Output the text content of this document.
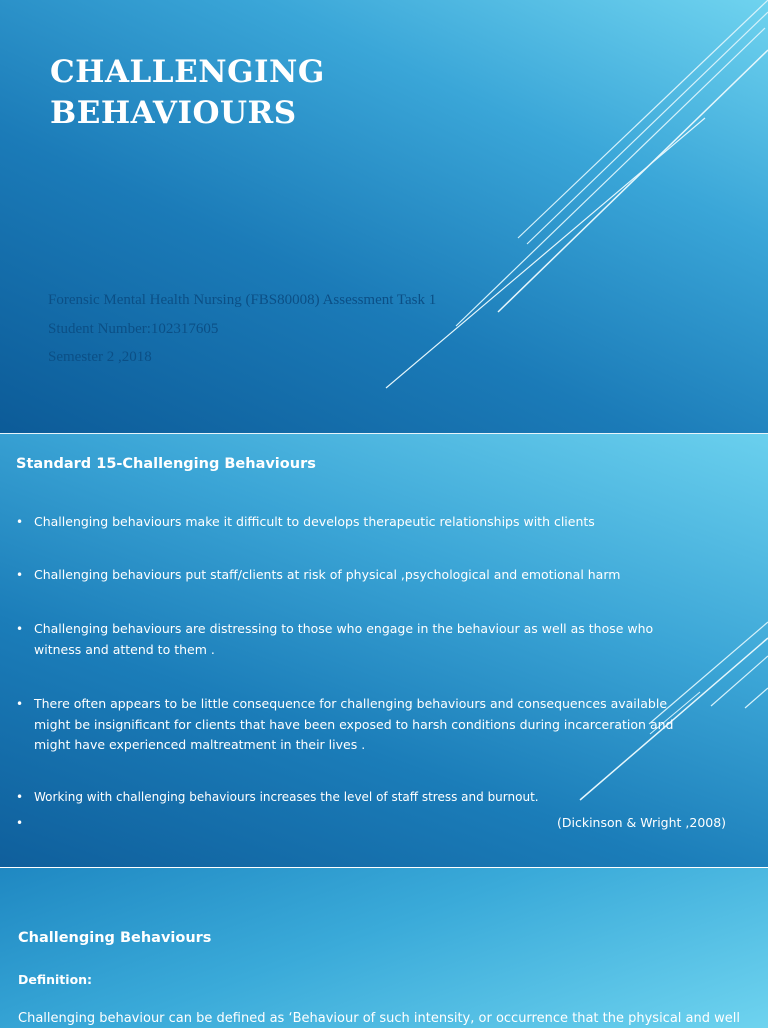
CHALLENGING
BEHAVIOURS
Forensic Mental Health Nursing (FBS80008) Assessment Task 1
Student Number:102317605
Semester 2 ,2018
Standard 15-Challenging Behaviours
• Challenging behaviours make it difficult to develops therapeutic relationships with clients
• Challenging behaviours put staff/clients at risk of physical ,psychological and emotional harm
• Challenging behaviours are distressing to those who engage in the behaviour as well as those who witness and attend to them .
• There often appears to be little consequence for challenging behaviours and consequences available might be insignificant for clients that have been exposed to harsh conditions during incarceration and might have experienced maltreatment in their lives .
• Working with challenging behaviours increases the level of staff stress and burnout.
•	(Dickinson & Wright ,2008)
Challenging Behaviours
Definition:
Challenging behaviour can be defined as ‘Behaviour of such intensity, or occurrence that the physical and well
